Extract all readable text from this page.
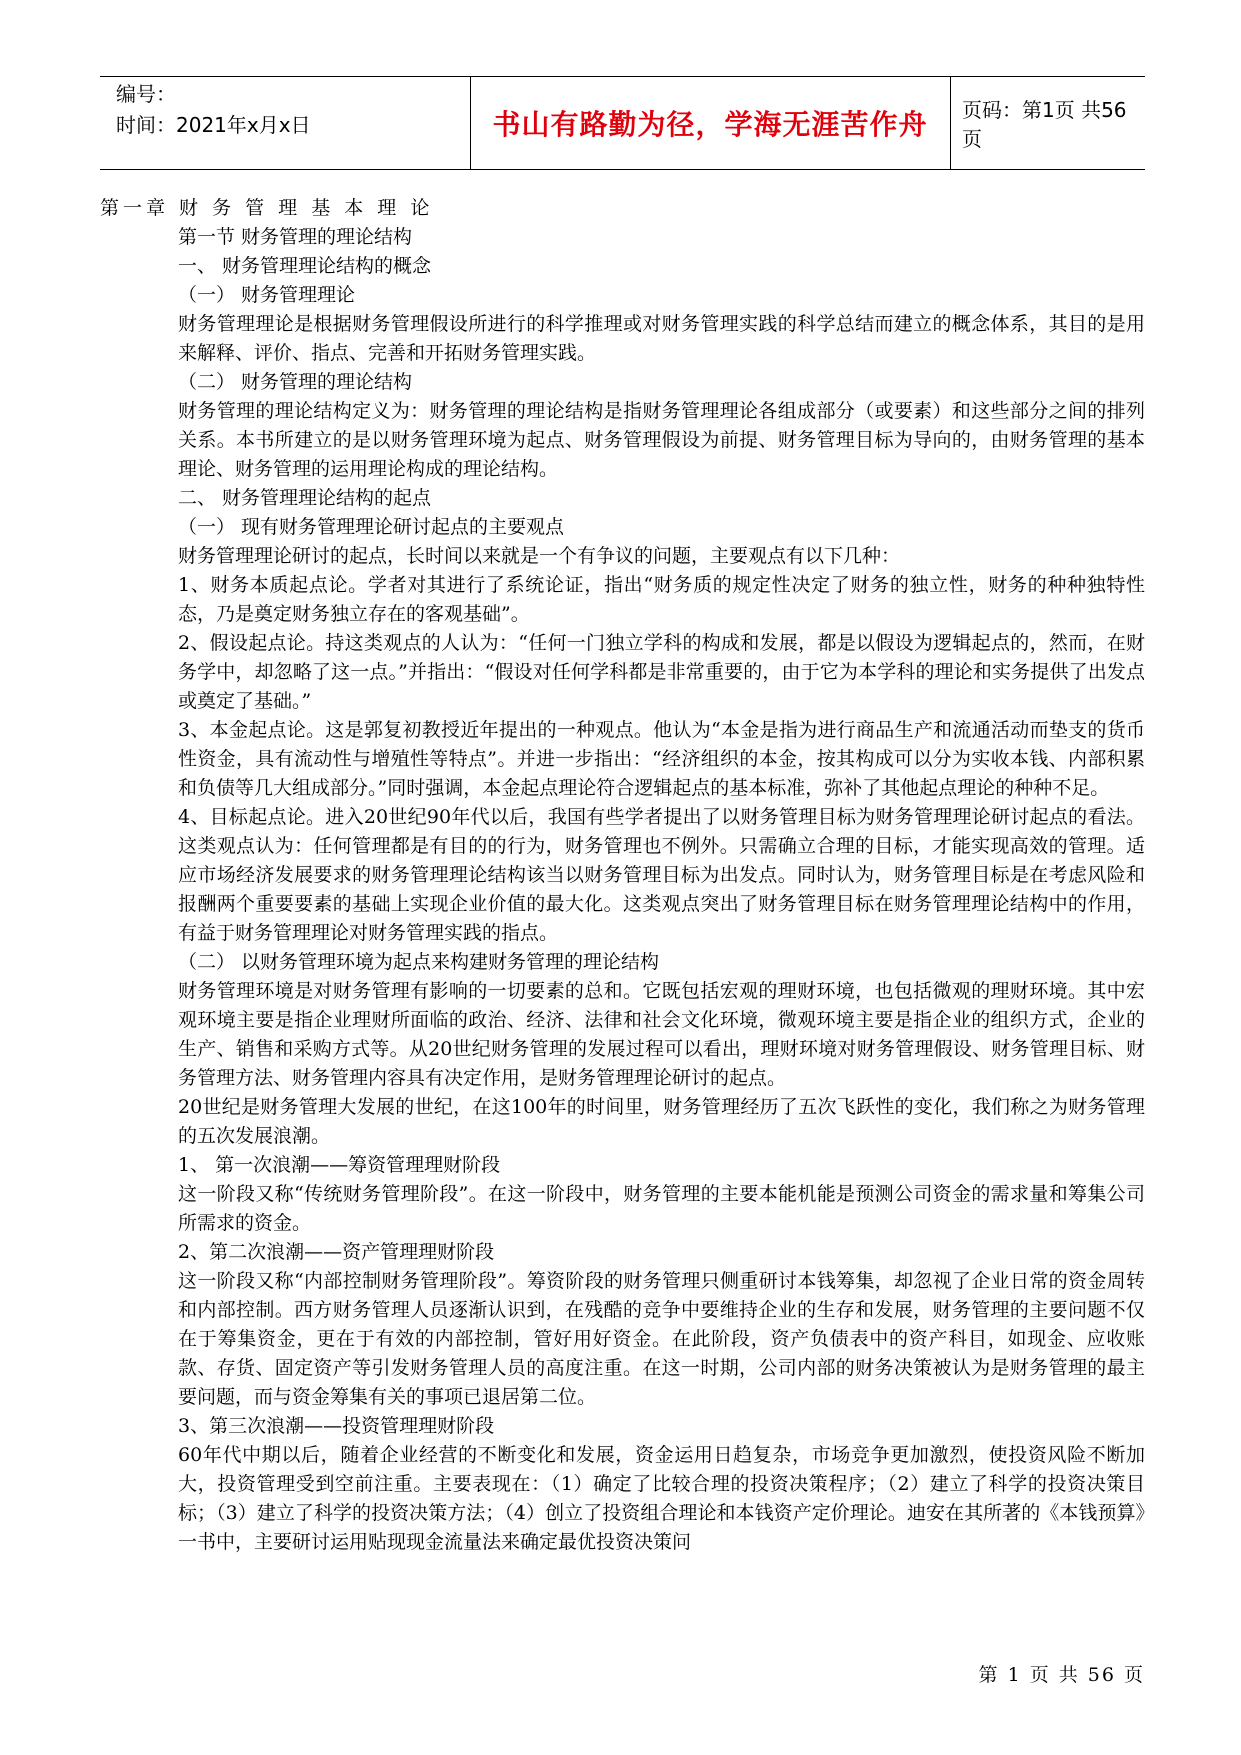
编号：
时间：2021年x月x日	书山有路勤为径，学海无涯苦作舟	页码：第1页 共56页

第一章 财 务 管 理 基 本 理 论

第一节 财务管理的理论结构

一、 财务管理理论结构的概念

（一） 财务管理理论

财务管理理论是根据财务管理假设所进行的科学推理或对财务管理实践的科学总结而建立的概念体系，其目的是用来解释、评价、指点、完善和开拓财务管理实践。

（二） 财务管理的理论结构

财务管理的理论结构定义为：财务管理的理论结构是指财务管理理论各组成部分（或要素）和这些部分之间的排列关系。本书所建立的是以财务管理环境为起点、财务管理假设为前提、财务管理目标为导向的，由财务管理的基本理论、财务管理的运用理论构成的理论结构。

二、 财务管理理论结构的起点

（一） 现有财务管理理论研讨起点的主要观点

财务管理理论研讨的起点，长时间以来就是一个有争议的问题，主要观点有以下几种：

1、财务本质起点论。学者对其进行了系统论证，指出“财务质的规定性决定了财务的独立性，财务的种种独特性态，乃是奠定财务独立存在的客观基础”。

2、假设起点论。持这类观点的人认为：“任何一门独立学科的构成和发展，都是以假设为逻辑起点的，然而，在财务学中，却忽略了这一点。”并指出：“假设对任何学科都是非常重要的，由于它为本学科的理论和实务提供了出发点或奠定了基础。”

3、本金起点论。这是郭复初教授近年提出的一种观点。他认为“本金是指为进行商品生产和流通活动而垫支的货币性资金，具有流动性与增殖性等特点”。并进一步指出：“经济组织的本金，按其构成可以分为实收本钱、内部积累和负债等几大组成部分。”同时强调，本金起点理论符合逻辑起点的基本标准，弥补了其他起点理论的种种不足。

4、目标起点论。进入20世纪90年代以后，我国有些学者提出了以财务管理目标为财务管理理论研讨起点的看法。这类观点认为：任何管理都是有目的的行为，财务管理也不例外。只需确立合理的目标，才能实现高效的管理。适应市场经济发展要求的财务管理理论结构该当以财务管理目标为出发点。同时认为，财务管理目标是在考虑风险和报酬两个重要要素的基础上实现企业价值的最大化。这类观点突出了财务管理目标在财务管理理论结构中的作用，有益于财务管理理论对财务管理实践的指点。

（二） 以财务管理环境为起点来构建财务管理的理论结构

财务管理环境是对财务管理有影响的一切要素的总和。它既包括宏观的理财环境，也包括微观的理财环境。其中宏观环境主要是指企业理财所面临的政治、经济、法律和社会文化环境，微观环境主要是指企业的组织方式，企业的生产、销售和采购方式等。从20世纪财务管理的发展过程可以看出，理财环境对财务管理假设、财务管理目标、财务管理方法、财务管理内容具有决定作用，是财务管理理论研讨的起点。

20世纪是财务管理大发展的世纪，在这100年的时间里，财务管理经历了五次飞跃性的变化，我们称之为财务管理的五次发展浪潮。

1、 第一次浪潮——筹资管理理财阶段

这一阶段又称“传统财务管理阶段”。在这一阶段中，财务管理的主要本能机能是预测公司资金的需求量和筹集公司所需求的资金。

2、第二次浪潮——资产管理理财阶段

这一阶段又称“内部控制财务管理阶段”。筹资阶段的财务管理只侧重研讨本钱筹集，却忽视了企业日常的资金周转和内部控制。西方财务管理人员逐渐认识到，在残酷的竞争中要维持企业的生存和发展，财务管理的主要问题不仅在于筹集资金，更在于有效的内部控制，管好用好资金。在此阶段，资产负债表中的资产科目，如现金、应收账款、存货、固定资产等引发财务管理人员的高度注重。在这一时期，公司内部的财务决策被认为是财务管理的最主要问题，而与资金筹集有关的事项已退居第二位。

3、第三次浪潮——投资管理理财阶段

60年代中期以后，随着企业经营的不断变化和发展，资金运用日趋复杂，市场竞争更加激烈，使投资风险不断加大，投资管理受到空前注重。主要表现在：（1）确定了比较合理的投资决策程序；（2）建立了科学的投资决策目标；（3）建立了科学的投资决策方法；（4）创立了投资组合理论和本钱资产定价理论。迪安在其所著的《本钱预算》一书中，主要研讨运用贴现现金流量法来确定最优投资决策问

第 1 页 共 56 页
